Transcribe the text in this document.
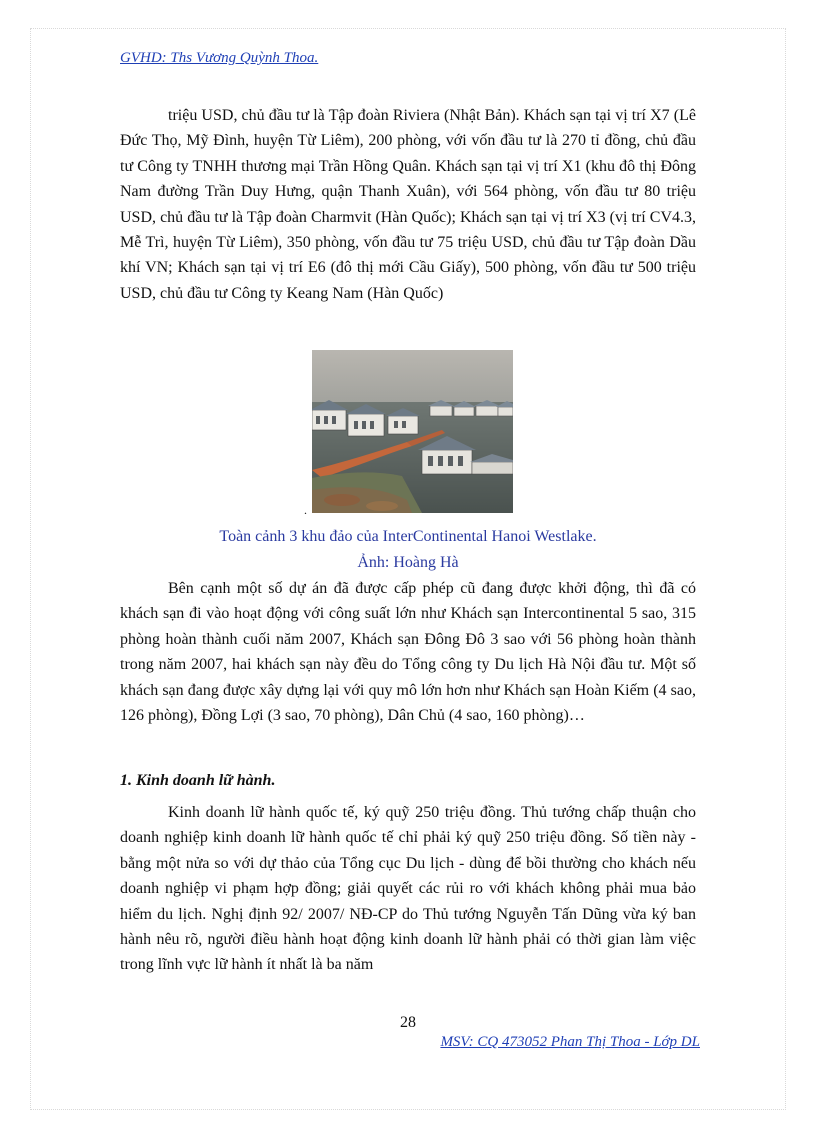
GVHD: Ths Vương Quỳnh Thoa.
triệu USD, chủ đầu tư là Tập đoàn Riviera (Nhật Bản). Khách sạn tại vị trí X7 (Lê Đức Thọ, Mỹ Đình, huyện Từ Liêm), 200 phòng, với vốn đầu tư là 270 tỉ đồng, chủ đầu tư Công ty TNHH thương mại Trần Hồng Quân. Khách sạn tại vị trí X1 (khu đô thị Đông Nam đường Trần Duy Hưng, quận Thanh Xuân), với 564 phòng, vốn đầu tư 80 triệu USD, chủ đầu tư là Tập đoàn Charmvit (Hàn Quốc); Khách sạn tại vị trí X3 (vị trí CV4.3, Mễ Trì, huyện Từ Liêm), 350 phòng, vốn đầu tư 75 triệu USD, chủ đầu tư Tập đoàn Dầu khí VN; Khách sạn tại vị trí E6 (đô thị mới Cầu Giấy), 500 phòng, vốn đầu tư 500 triệu USD, chủ đầu tư Công ty Keang Nam (Hàn Quốc)
.
Toàn cảnh 3 khu đảo của InterContinental Hanoi Westlake.
Ảnh: Hoàng Hà
Bên cạnh một số dự án đã được cấp phép cũ đang được khởi động, thì đã có khách sạn đi vào hoạt động với công suất lớn như Khách sạn Intercontinental 5 sao, 315 phòng hoàn thành cuối năm 2007, Khách sạn Đông Đô 3 sao với 56 phòng hoàn thành trong năm 2007, hai khách sạn này đều do Tổng công ty Du lịch Hà Nội đầu tư. Một số khách sạn đang được xây dựng lại với quy mô lớn hơn như Khách sạn Hoàn Kiếm (4 sao, 126 phòng), Đồng Lợi (3 sao, 70 phòng), Dân Chủ (4 sao, 160 phòng)…
1. Kinh doanh lữ hành.
Kinh doanh lữ hành quốc tế, ký quỹ 250 triệu đồng. Thủ tướng chấp thuận cho doanh nghiệp kinh doanh lữ hành quốc tế chỉ phải ký quỹ 250 triệu đồng. Số tiền này - bằng một nửa so với dự thảo của Tổng cục Du lịch - dùng để bồi thường cho khách nếu doanh nghiệp vi phạm hợp đồng; giải quyết các rủi ro với khách không phải mua bảo hiểm du lịch. Nghị định 92/ 2007/ NĐ-CP do Thủ tướng Nguyễn Tấn Dũng vừa ký ban hành nêu rõ, người điều hành hoạt động kinh doanh lữ hành phải có thời gian làm việc trong lĩnh vực lữ hành ít nhất là ba năm
28
MSV: CQ 473052 Phan Thị Thoa - Lớp DL
